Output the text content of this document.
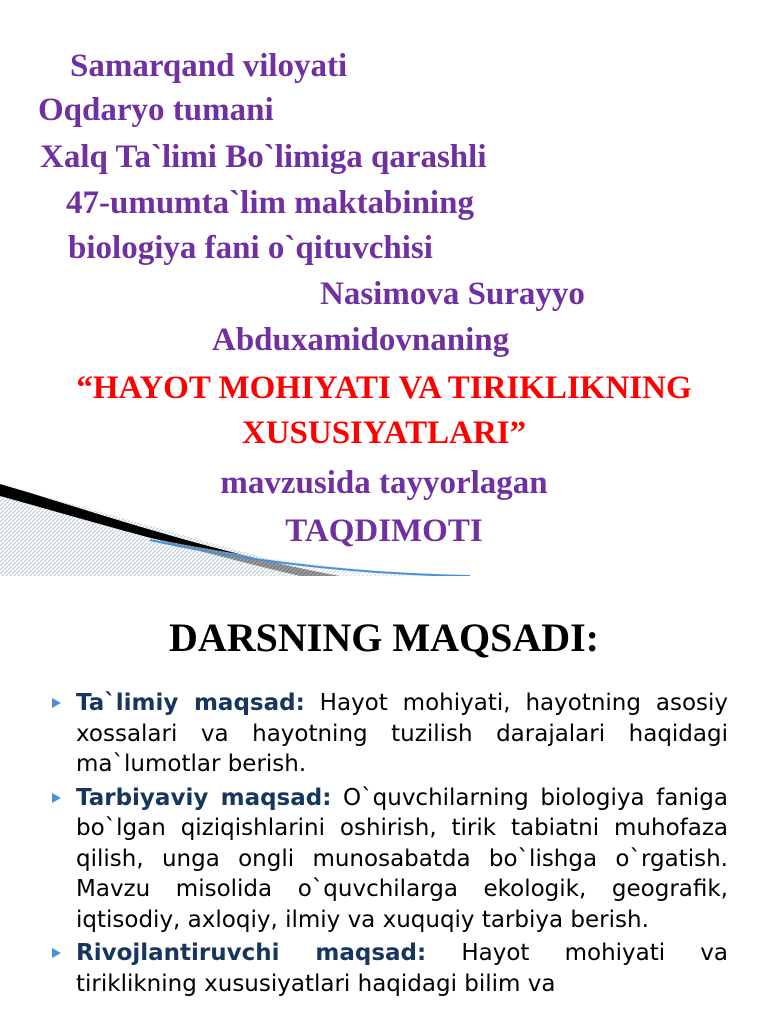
Samarqand viloyati
Oqdaryo tumani
Xalq Ta`limi Bo`limiga qarashli
47-umumta`lim maktabining
biologiya fani o`qituvchisi
Nasimova Surayyo
Abduxamidovnaning
“HAYOT MOHIYATI VA TIRIKLIKNING
XUSUSIYATLARI”
mavzusida tayyorlagan
TAQDIMOTI
DARSNING MAQSADI:
Ta`limiy maqsad: Hayot mohiyati, hayotning asosiy xossalari va hayotning tuzilish darajalari haqidagi ma`lumotlar berish.
Tarbiyaviy maqsad: O`quvchilarning biologiya faniga bo`lgan qiziqishlarini oshirish, tirik tabiatni muhofaza qilish, unga ongli munosabatda bo`lishga o`rgatish. Mavzu misolida o`quvchilarga ekologik, geografik, iqtisodiy, axloqiy, ilmiy va xuquqiy tarbiya berish.
Rivojlantiruvchi maqsad: Hayot mohiyati va tiriklikning xususiyatlari haqidagi bilim va
